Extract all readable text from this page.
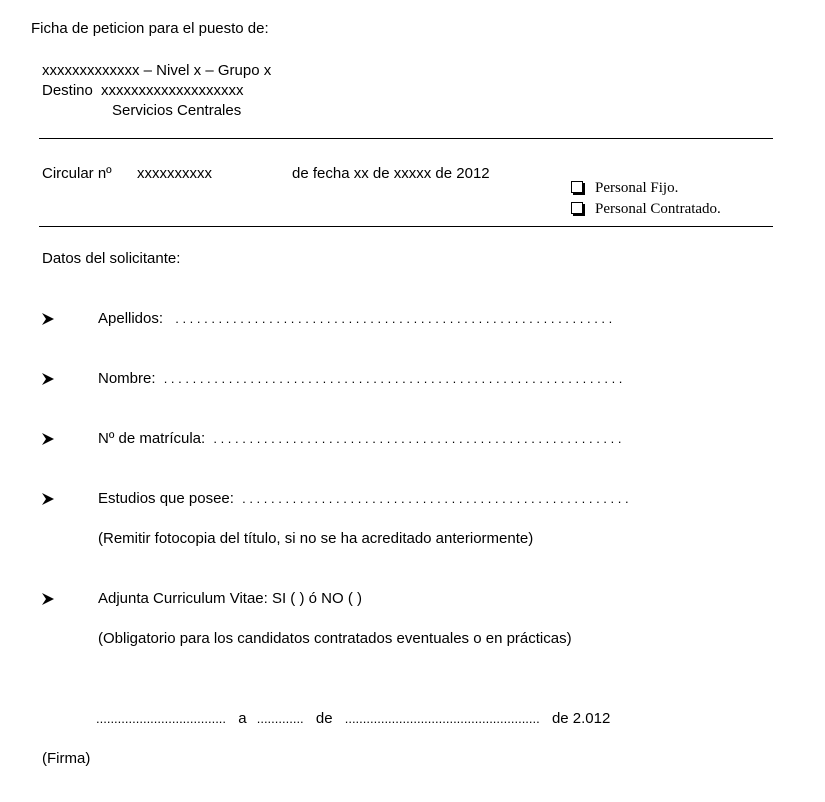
Ficha de peticion para el puesto de:
xxxxxxxxxxxxx – Nivel x – Grupo x
Destino xxxxxxxxxxxxxxxxxxx
Servicios Centrales
Circular nº xxxxxxxxxx	de fecha xx de xxxxx de 2012
Personal Fijo.
Personal Contratado.
Datos del solicitante:
Apellidos: . . . . . . . . . . . . . . . . . . . . . . . . . . . . . . . . . . . . . . . . . . . . . . . . . . . . . . . . . . . . .
Nombre: . . . . . . . . . . . . . . . . . . . . . . . . . . . . . . . . . . . . . . . . . . . . . . . . . . . . . . . . . . . . . . . .
Nº de matrícula: . . . . . . . . . . . . . . . . . . . . . . . . . . . . . . . . . . . . . . . . . . . . . . . . . . . . . . . . .
Estudios que posee: . . . . . . . . . . . . . . . . . . . . . . . . . . . . . . . . . . . . . . . . . . . . . . . . . . . . . .
(Remitir fotocopia del título, si no se ha acreditado anteriormente)
Adjunta Curriculum Vitae: SI ( ) ó NO ( )
(Obligatorio para los candidatos contratados eventuales o en prácticas)
.................................... a ............. de ...................................................... de 2.012
(Firma)
